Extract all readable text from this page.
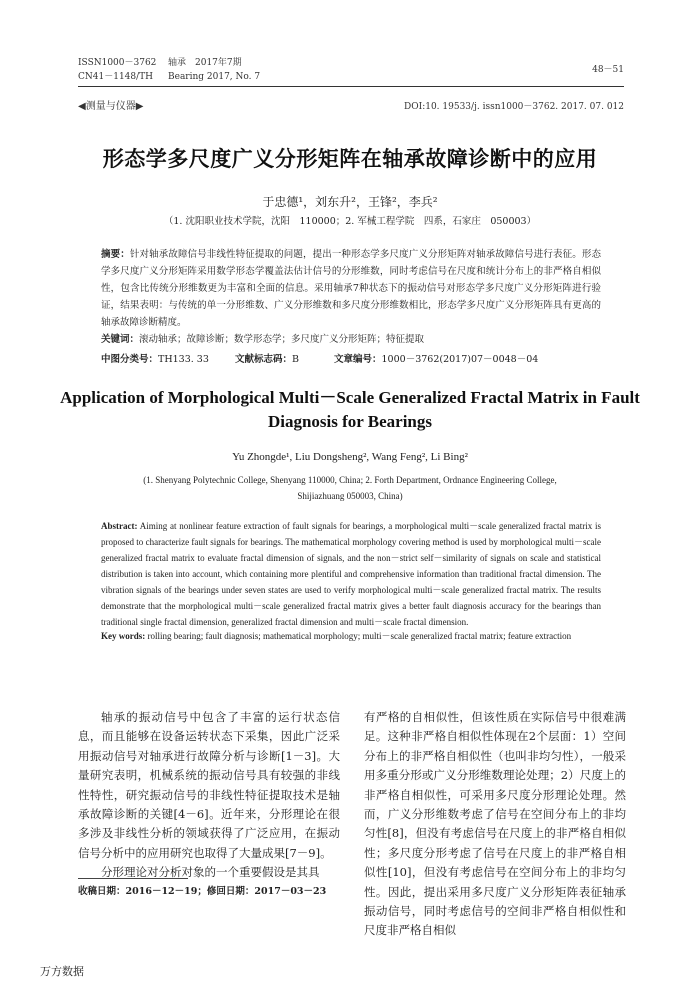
ISSN1000－3762 轴承　2017年7期
CN41－1148/TH Bearing 2017, No. 7
48－51
◀测量与仪器▶	DOI:10. 19533/j. issn1000－3762. 2017. 07. 012
形态学多尺度广义分形矩阵在轴承故障诊断中的应用
于忠德¹，刘东升²，王锋²，李兵²
（1. 沈阳职业技术学院，沈阳　110000；2. 军械工程学院　四系，石家庄　050003）
摘要：针对轴承故障信号非线性特征提取的问题，提出一种形态学多尺度广义分形矩阵对轴承故障信号进行表征。形态学多尺度广义分形矩阵采用数学形态学覆盖法估计信号的分形维数，同时考虑信号在尺度和统计分布上的非严格自相似性，包含比传统分形维数更为丰富和全面的信息。采用轴承7种状态下的振动信号对形态学多尺度广义分形矩阵进行验证，结果表明：与传统的单一分形维数、广义分形维数和多尺度分形维数相比，形态学多尺度广义分形矩阵具有更高的轴承故障诊断精度。
关键词：滚动轴承；故障诊断；数学形态学；多尺度广义分形矩阵；特征提取
中图分类号：TH133. 33	文献标志码：B	文章编号：1000－3762(2017)07－0048－04
Application of Morphological Multi－Scale Generalized Fractal Matrix in Fault Diagnosis for Bearings
Yu Zhongde¹, Liu Dongsheng², Wang Feng², Li Bing²
(1. Shenyang Polytechnic College, Shenyang 110000, China; 2. Forth Department, Ordnance Engineering College, Shijiazhuang 050003, China)
Abstract: Aiming at nonlinear feature extraction of fault signals for bearings, a morphological multi－scale generalized fractal matrix is proposed to characterize fault signals for bearings. The mathematical morphology covering method is used by morphological multi－scale generalized fractal matrix to evaluate fractal dimension of signals, and the non－strict self－similarity of signals on scale and statistical distribution is taken into account, which containing more plentiful and comprehensive information than traditional fractal dimension. The vibration signals of the bearings under seven states are used to verify morphological multi－scale generalized fractal matrix. The results demonstrate that the morphological multi－scale generalized fractal matrix gives a better fault diagnosis accuracy for the bearings than traditional single fractal dimension, generalized fractal dimension and multi－scale fractal dimension.
Key words: rolling bearing; fault diagnosis; mathematical morphology; multi－scale generalized fractal matrix; feature extraction

轴承的振动信号中包含了丰富的运行状态信息，而且能够在设备运转状态下采集，因此广泛采用振动信号对轴承进行故障分析与诊断[1－3]。大量研究表明，机械系统的振动信号具有较强的非线性特性，研究振动信号的非线性特征提取技术是轴承故障诊断的关键[4－6]。近年来，分形理论在很多涉及非线性分析的领域获得了广泛应用，在振动信号分析中的应用研究也取得了大量成果[7－9]。

分形理论对分析对象的一个重要假设是其具

有严格的自相似性，但该性质在实际信号中很难满足。这种非严格自相似性体现在2个层面：1）空间分布上的非严格自相似性（也叫非均匀性），一般采用多重分形或广义分形维数理论处理；2）尺度上的非严格自相似性，可采用多尺度分形理论处理。然而，广义分形维数考虑了信号在空间分布上的非均匀性[8]，但没有考虑信号在尺度上的非严格自相似性；多尺度分形考虑了信号在尺度上的非严格自相似性[10]，但没有考虑信号在空间分布上的非均匀性。因此，提出采用多尺度广义分形矩阵表征轴承振动信号，同时考虑信号的空间非严格自相似性和尺度非严格自相似

收稿日期：2016－12－19；修回日期：2017－03－23
万方数据
